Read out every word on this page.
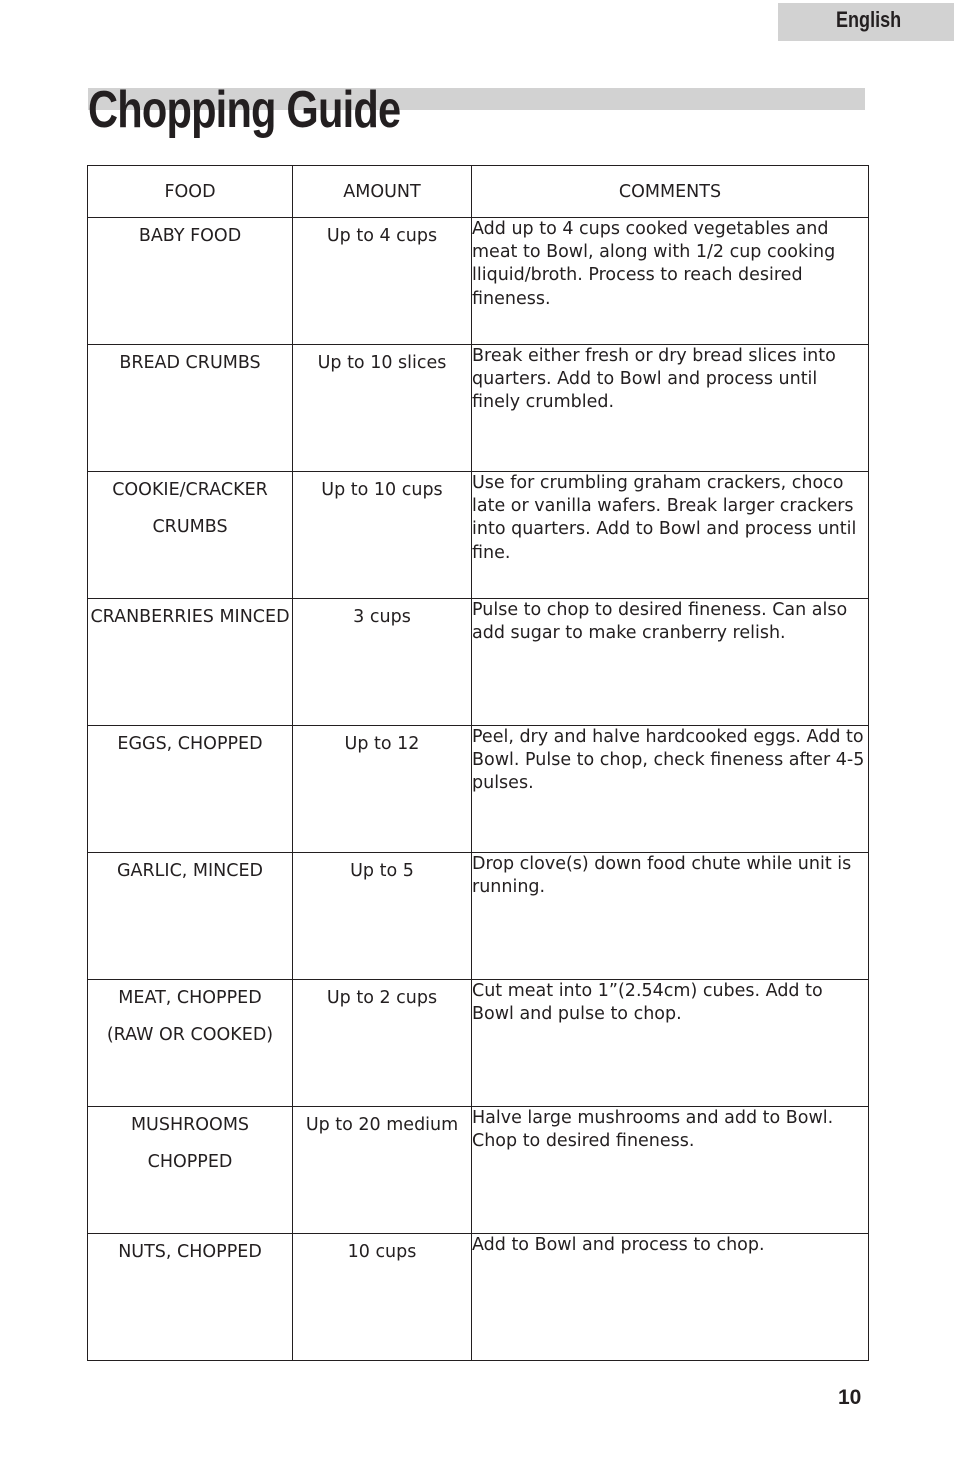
English
Chopping Guide
FOOD	AMOUNT	COMMENTS

BABY FOOD	Up to 4 cups	Add up to 4 cups cooked vegetables and meat to Bowl, along with 1/2 cup cooking lliquid/broth. Process to reach desired fineness.

BREAD CRUMBS	Up to 10 slices	Break either fresh or dry bread slices into quarters. Add to Bowl and process until finely crumbled.

COOKIE/CRACKER
CRUMBS	Up to 10 cups	Use for crumbling graham crackers, choco late or vanilla wafers. Break larger crackers into quarters. Add to Bowl and process until fine.

CRANBERRIES MINCED	3 cups	Pulse to chop to desired fineness. Can also add sugar to make cranberry relish.

EGGS, CHOPPED	Up to 12	Peel, dry and halve hardcooked eggs. Add to Bowl. Pulse to chop, check fineness after 4-5 pulses.

GARLIC, MINCED	Up to 5	Drop clove(s) down food chute while unit is running.

MEAT, CHOPPED
(RAW OR COOKED)	Up to 2 cups	Cut meat into 1”(2.54cm) cubes. Add to Bowl and pulse to chop.

MUSHROOMS
CHOPPED	Up to 20 medium	Halve large mushrooms and add to Bowl. Chop to desired fineness.

NUTS, CHOPPED	10 cups	Add to Bowl and process to chop.
10
